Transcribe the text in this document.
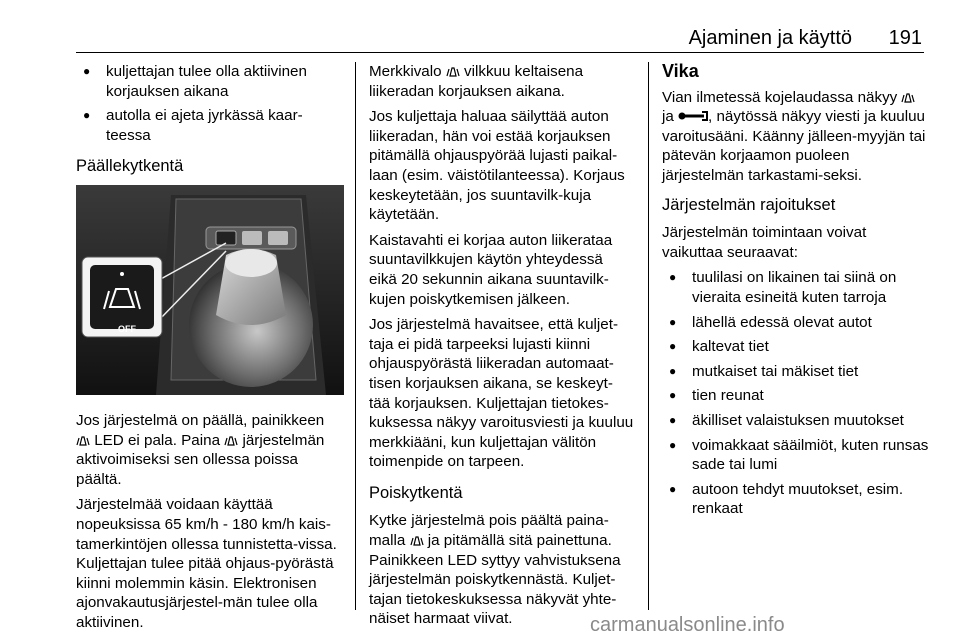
Ajaminen ja käyttö 191
● kuljettajan tulee olla aktiivinen korjauksen aikana
● autolla ei ajeta jyrkässä kaar-teessa
Päällekytkentä
OFF

Jos järjestelmä on päällä, painikkeen
LED ei pala. Paina  järjestelmän aktivoimiseksi sen ollessa poissa päältä.

Järjestelmää voidaan käyttää nopeuksissa 65 km/h - 180 km/h kais-tamerkintöjen ollessa tunnistetta-vissa. Kuljettajan tulee pitää ohjaus-pyörästä kiinni molemmin käsin. Elektronisen ajonvakautusjärjestel-män tulee olla aktiivinen.

Merkkivalo  vilkkuu keltaisena liikeradan korjauksen aikana.

Jos kuljettaja haluaa säilyttää auton liikeradan, hän voi estää korjauksen pitämällä ohjauspyörää lujasti paikal-laan (esim. väistötilanteessa). Korjaus keskeytetään, jos suuntavilk-kuja käytetään.

Kaistavahti ei korjaa auton liikerataa suuntavilkkujen käytön yhteydessä eikä 20 sekunnin aikana suuntavilk-kujen poiskytkemisen jälkeen.

Jos järjestelmä havaitsee, että kuljet-taja ei pidä tarpeeksi lujasti kiinni ohjauspyörästä liikeradan automaat-tisen korjauksen aikana, se keskeyt-tää korjauksen. Kuljettajan tietokes-kuksessa näkyy varoitusviesti ja kuuluu merkkiääni, kun kuljettajan välitön toimenpide on tarpeen.

Poiskytkentä

Kytke järjestelmä pois päältä paina-malla  ja pitämällä sitä painettuna. Painikkeen LED syttyy vahvistuksena järjestelmän poiskytkennästä. Kuljet-tajan tietokeskuksessa näkyvät yhte-näiset harmaat viivat.

Vika

Vian ilmetessä kojelaudassa näkyy  ja , näytössä näkyy viesti ja kuuluu varoitusääni. Käänny jälleen-myyjän tai pätevän korjaamon puoleen järjestelmän tarkastami-seksi.

Järjestelmän rajoitukset

Järjestelmän toimintaan voivat vaikuttaa seuraavat:

● tuulilasi on likainen tai siinä on vieraita esineitä kuten tarroja
● lähellä edessä olevat autot
● kaltevat tiet
● mutkaiset tai mäkiset tiet
● tien reunat
● äkilliset valaistuksen muutokset
● voimakkaat sääilmiöt, kuten runsas sade tai lumi
● autoon tehdyt muutokset, esim. renkaat
carmanualsonline.info
